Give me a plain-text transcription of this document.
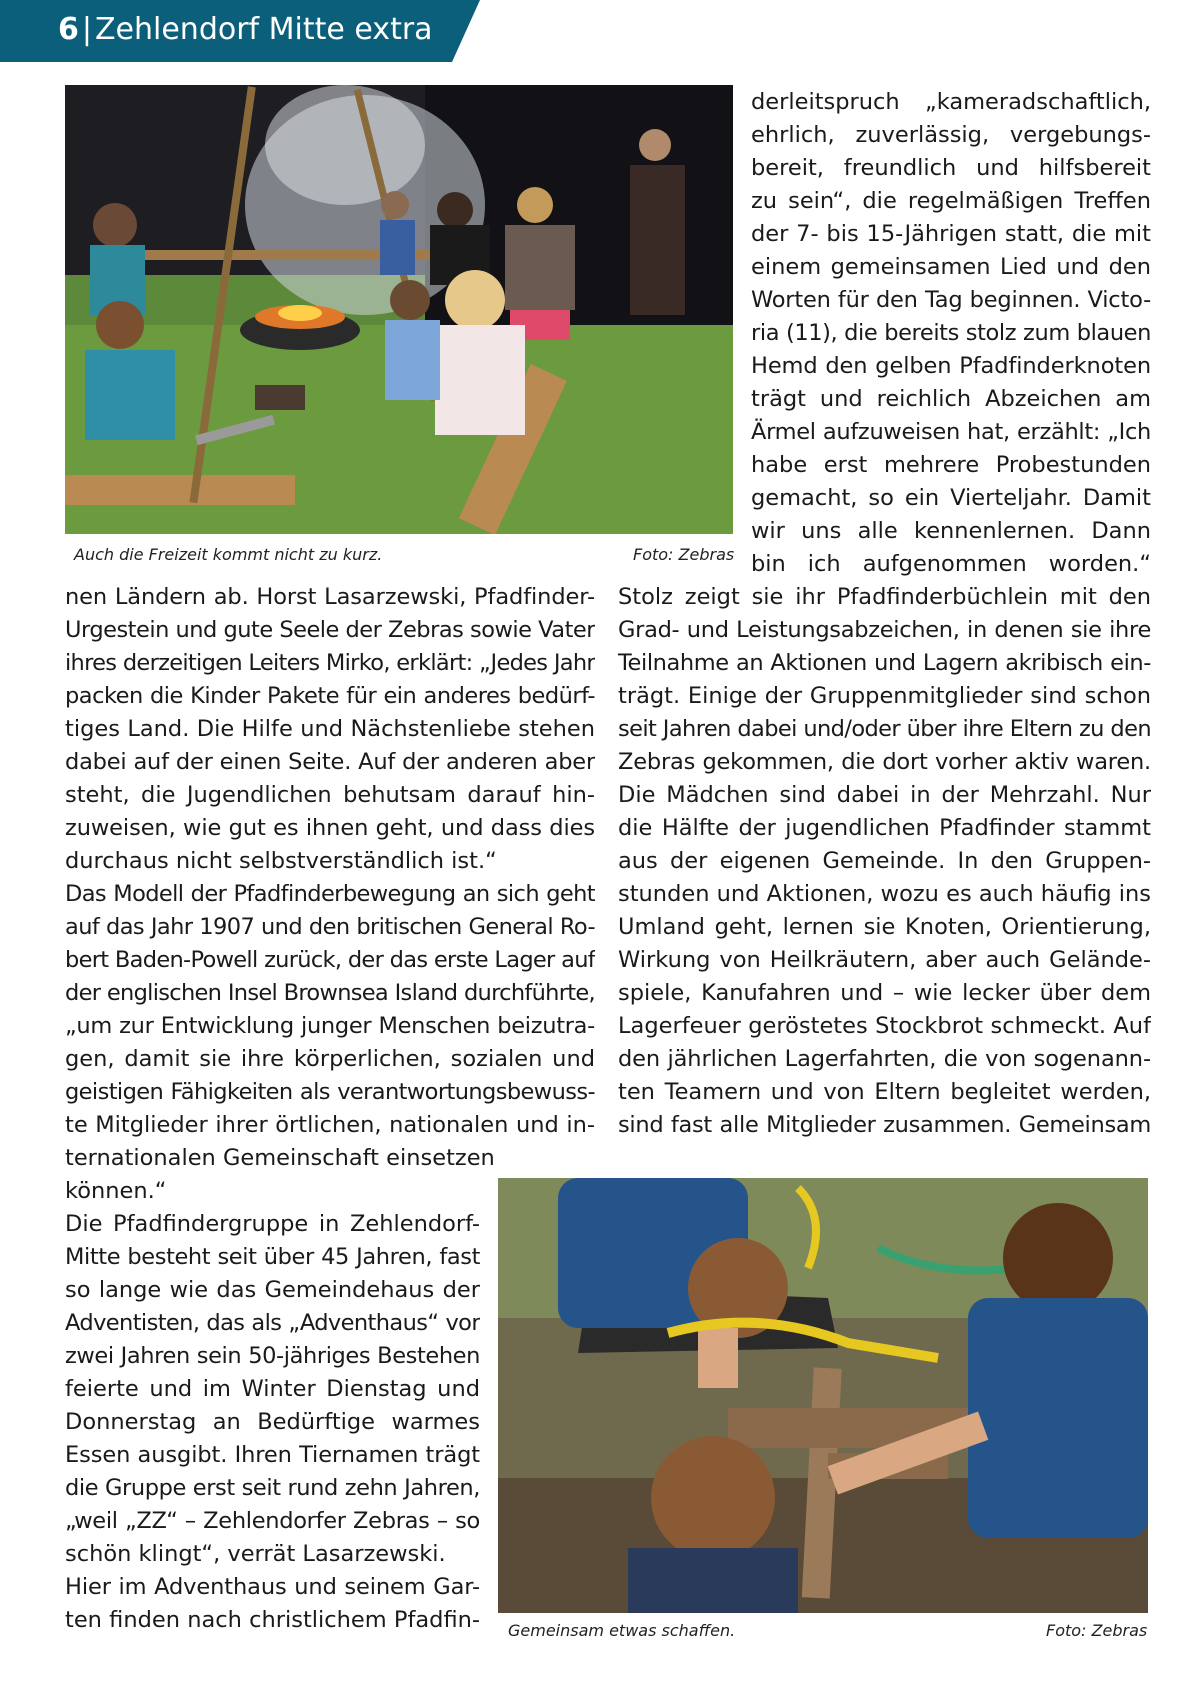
6 | Zehlendorf Mitte extra
Auch die Freizeit kommt nicht zu kurz.	Foto: Zebras
derleitspruch „kameradschaftlich,
ehrlich, zuverlässig, vergebungs-
bereit, freundlich und hilfsbereit
zu sein“, die regelmäßigen Treffen
der 7- bis 15-Jährigen statt, die mit
einem gemeinsamen Lied und den
Worten für den Tag beginnen. Victo-
ria (11), die bereits stolz zum blauen
Hemd den gelben Pfadfinderknoten
trägt und reichlich Abzeichen am
Ärmel aufzuweisen hat, erzählt: „Ich
habe erst mehrere Probestunden
gemacht, so ein Vierteljahr. Damit
wir uns alle kennenlernen. Dann
bin ich aufgenommen worden.“
nen Ländern ab. Horst Lasarzewski, Pfadfinder-
Urgestein und gute Seele der Zebras sowie Vater
ihres derzeitigen Leiters Mirko, erklärt: „Jedes Jahr
packen die Kinder Pakete für ein anderes bedürf-
tiges Land. Die Hilfe und Nächstenliebe stehen
dabei auf der einen Seite. Auf der anderen aber
steht, die Jugendlichen behutsam darauf hin-
zuweisen, wie gut es ihnen geht, und dass dies
durchaus nicht selbstverständlich ist.“
Das Modell der Pfadfinderbewegung an sich geht
auf das Jahr 1907 und den britischen General Ro-
bert Baden-Powell zurück, der das erste Lager auf
der englischen Insel Brownsea Island durchführte,
„um zur Entwicklung junger Menschen beizutra-
gen, damit sie ihre körperlichen, sozialen und
geistigen Fähigkeiten als verantwortungsbewuss-
te Mitglieder ihrer örtlichen, nationalen und in-
ternationalen Gemeinschaft einsetzen
können.“
Die Pfadfindergruppe in Zehlendorf-
Mitte besteht seit über 45 Jahren, fast
so lange wie das Gemeindehaus der
Adventisten, das als „Adventhaus“ vor
zwei Jahren sein 50-jähriges Bestehen
feierte und im Winter Dienstag und
Donnerstag an Bedürftige warmes
Essen ausgibt. Ihren Tiernamen trägt
die Gruppe erst seit rund zehn Jahren,
„weil „ZZ“ – Zehlendorfer Zebras – so
schön klingt“, verrät Lasarzewski.
Hier im Adventhaus und seinem Gar-
ten finden nach christlichem Pfadfin-
Stolz zeigt sie ihr Pfadfinderbüchlein mit den
Grad- und Leistungsabzeichen, in denen sie ihre
Teilnahme an Aktionen und Lagern akribisch ein-
trägt. Einige der Gruppenmitglieder sind schon
seit Jahren dabei und/oder über ihre Eltern zu den
Zebras gekommen, die dort vorher aktiv waren.
Die Mädchen sind dabei in der Mehrzahl. Nur
die Hälfte der jugendlichen Pfadfinder stammt
aus der eigenen Gemeinde. In den Gruppen-
stunden und Aktionen, wozu es auch häufig ins
Umland geht, lernen sie Knoten, Orientierung,
Wirkung von Heilkräutern, aber auch Gelände-
spiele, Kanufahren und – wie lecker über dem
Lagerfeuer geröstetes Stockbrot schmeckt. Auf
den jährlichen Lagerfahrten, die von sogenann-
ten Teamern und von Eltern begleitet werden,
sind fast alle Mitglieder zusammen. Gemeinsam
Gemeinsam etwas schaffen.	Foto: Zebras
